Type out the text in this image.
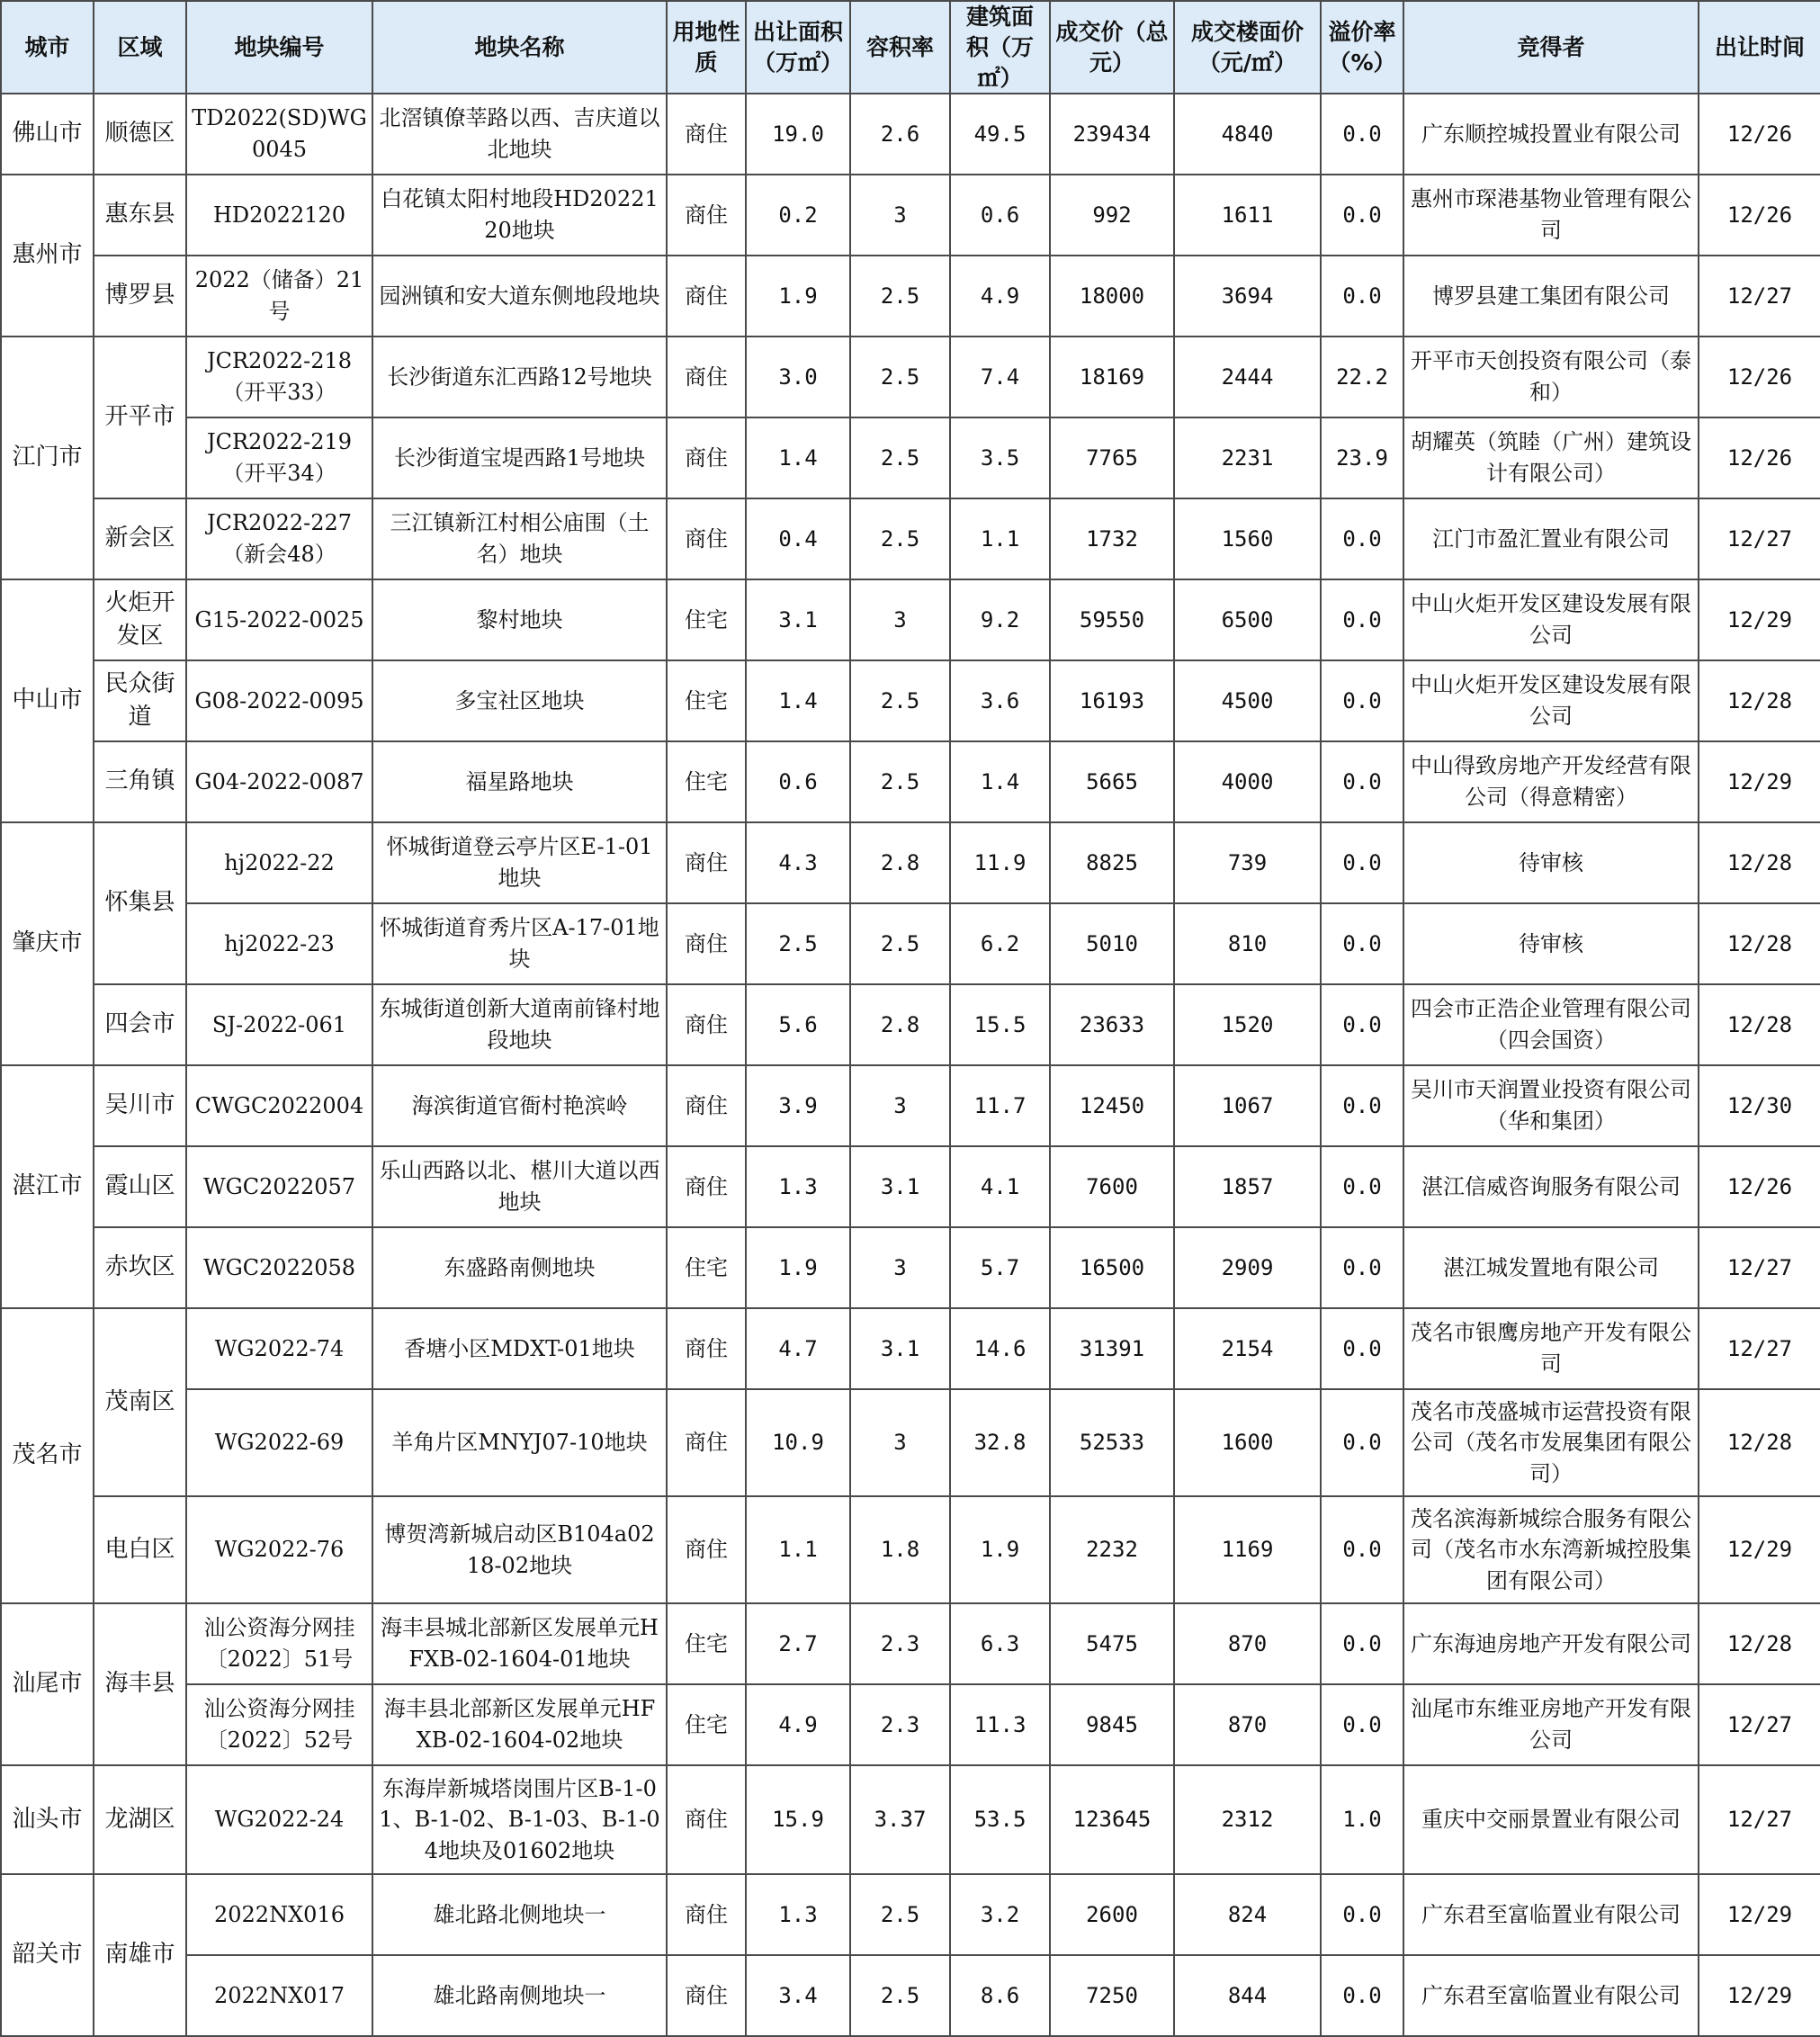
城市	区域	地块编号	地块名称	用地性质	出让面积（万㎡）	容积率	建筑面积（万㎡）	成交价（总元）	成交楼面价（元/㎡）	溢价率（%）	竞得者	出让时间
佛山市	顺德区	TD2022(SD)WG0045	北滘镇僚莘路以西、吉庆道以北地块	商住	19.0	2.6	49.5	239434	4840	0.0	广东顺控城投置业有限公司	12/26
惠州市	惠东县	HD2022120	白花镇太阳村地段HD2022120地块	商住	0.2	3	0.6	992	1611	0.0	惠州市琛港基物业管理有限公司	12/26
	博罗县	2022（储备）21号	园洲镇和安大道东侧地段地块	商住	1.9	2.5	4.9	18000	3694	0.0	博罗县建工集团有限公司	12/27
江门市	开平市	JCR2022-218（开平33）	长沙街道东汇西路12号地块	商住	3.0	2.5	7.4	18169	2444	22.2	开平市天创投资有限公司（泰和）	12/26
		JCR2022-219（开平34）	长沙街道宝堤西路1号地块	商住	1.4	2.5	3.5	7765	2231	23.9	胡耀英（筑睦（广州）建筑设计有限公司）	12/26
	新会区	JCR2022-227（新会48）	三江镇新江村相公庙围（土名）地块	商住	0.4	2.5	1.1	1732	1560	0.0	江门市盈汇置业有限公司	12/27
中山市	火炬开发区	G15-2022-0025	黎村地块	住宅	3.1	3	9.2	59550	6500	0.0	中山火炬开发区建设发展有限公司	12/29
	民众街道	G08-2022-0095	多宝社区地块	住宅	1.4	2.5	3.6	16193	4500	0.0	中山火炬开发区建设发展有限公司	12/28
	三角镇	G04-2022-0087	福星路地块	住宅	0.6	2.5	1.4	5665	4000	0.0	中山得致房地产开发经营有限公司（得意精密）	12/29
肇庆市	怀集县	hj2022-22	怀城街道登云亭片区E-1-01地块	商住	4.3	2.8	11.9	8825	739	0.0	待审核	12/28
		hj2022-23	怀城街道育秀片区A-17-01地块	商住	2.5	2.5	6.2	5010	810	0.0	待审核	12/28
	四会市	SJ-2022-061	东城街道创新大道南前锋村地段地块	商住	5.6	2.8	15.5	23633	1520	0.0	四会市正浩企业管理有限公司（四会国资）	12/28
湛江市	吴川市	CWGC2022004	海滨街道官衙村艳滨岭	商住	3.9	3	11.7	12450	1067	0.0	吴川市天润置业投资有限公司（华和集团）	12/30
	霞山区	WGC2022057	乐山西路以北、椹川大道以西地块	商住	1.3	3.1	4.1	7600	1857	0.0	湛江信威咨询服务有限公司	12/26
	赤坎区	WGC2022058	东盛路南侧地块	住宅	1.9	3	5.7	16500	2909	0.0	湛江城发置地有限公司	12/27
茂名市	茂南区	WG2022-74	香塘小区MDXT-01地块	商住	4.7	3.1	14.6	31391	2154	0.0	茂名市银鹰房地产开发有限公司	12/27
		WG2022-69	羊角片区MNYJ07-10地块	商住	10.9	3	32.8	52533	1600	0.0	茂名市茂盛城市运营投资有限公司（茂名市发展集团有限公司）	12/28
	电白区	WG2022-76	博贺湾新城启动区B104a0218-02地块	商住	1.1	1.8	1.9	2232	1169	0.0	茂名滨海新城综合服务有限公司（茂名市水东湾新城控股集团有限公司）	12/29
汕尾市	海丰县	汕公资海分网挂〔2022〕51号	海丰县城北部新区发展单元HFXB-02-1604-01地块	住宅	2.7	2.3	6.3	5475	870	0.0	广东海迪房地产开发有限公司	12/28
		汕公资海分网挂〔2022〕52号	海丰县北部新区发展单元HFXB-02-1604-02地块	住宅	4.9	2.3	11.3	9845	870	0.0	汕尾市东维亚房地产开发有限公司	12/27
汕头市	龙湖区	WG2022-24	东海岸新城塔岗围片区B-1-01、B-1-02、B-1-03、B-1-04地块及01602地块	商住	15.9	3.37	53.5	123645	2312	1.0	重庆中交丽景置业有限公司	12/27
韶关市	南雄市	2022NX016	雄北路北侧地块一	商住	1.3	2.5	3.2	2600	824	0.0	广东君至富临置业有限公司	12/29
		2022NX017	雄北路南侧地块一	商住	3.4	2.5	8.6	7250	844	0.0	广东君至富临置业有限公司	12/29
